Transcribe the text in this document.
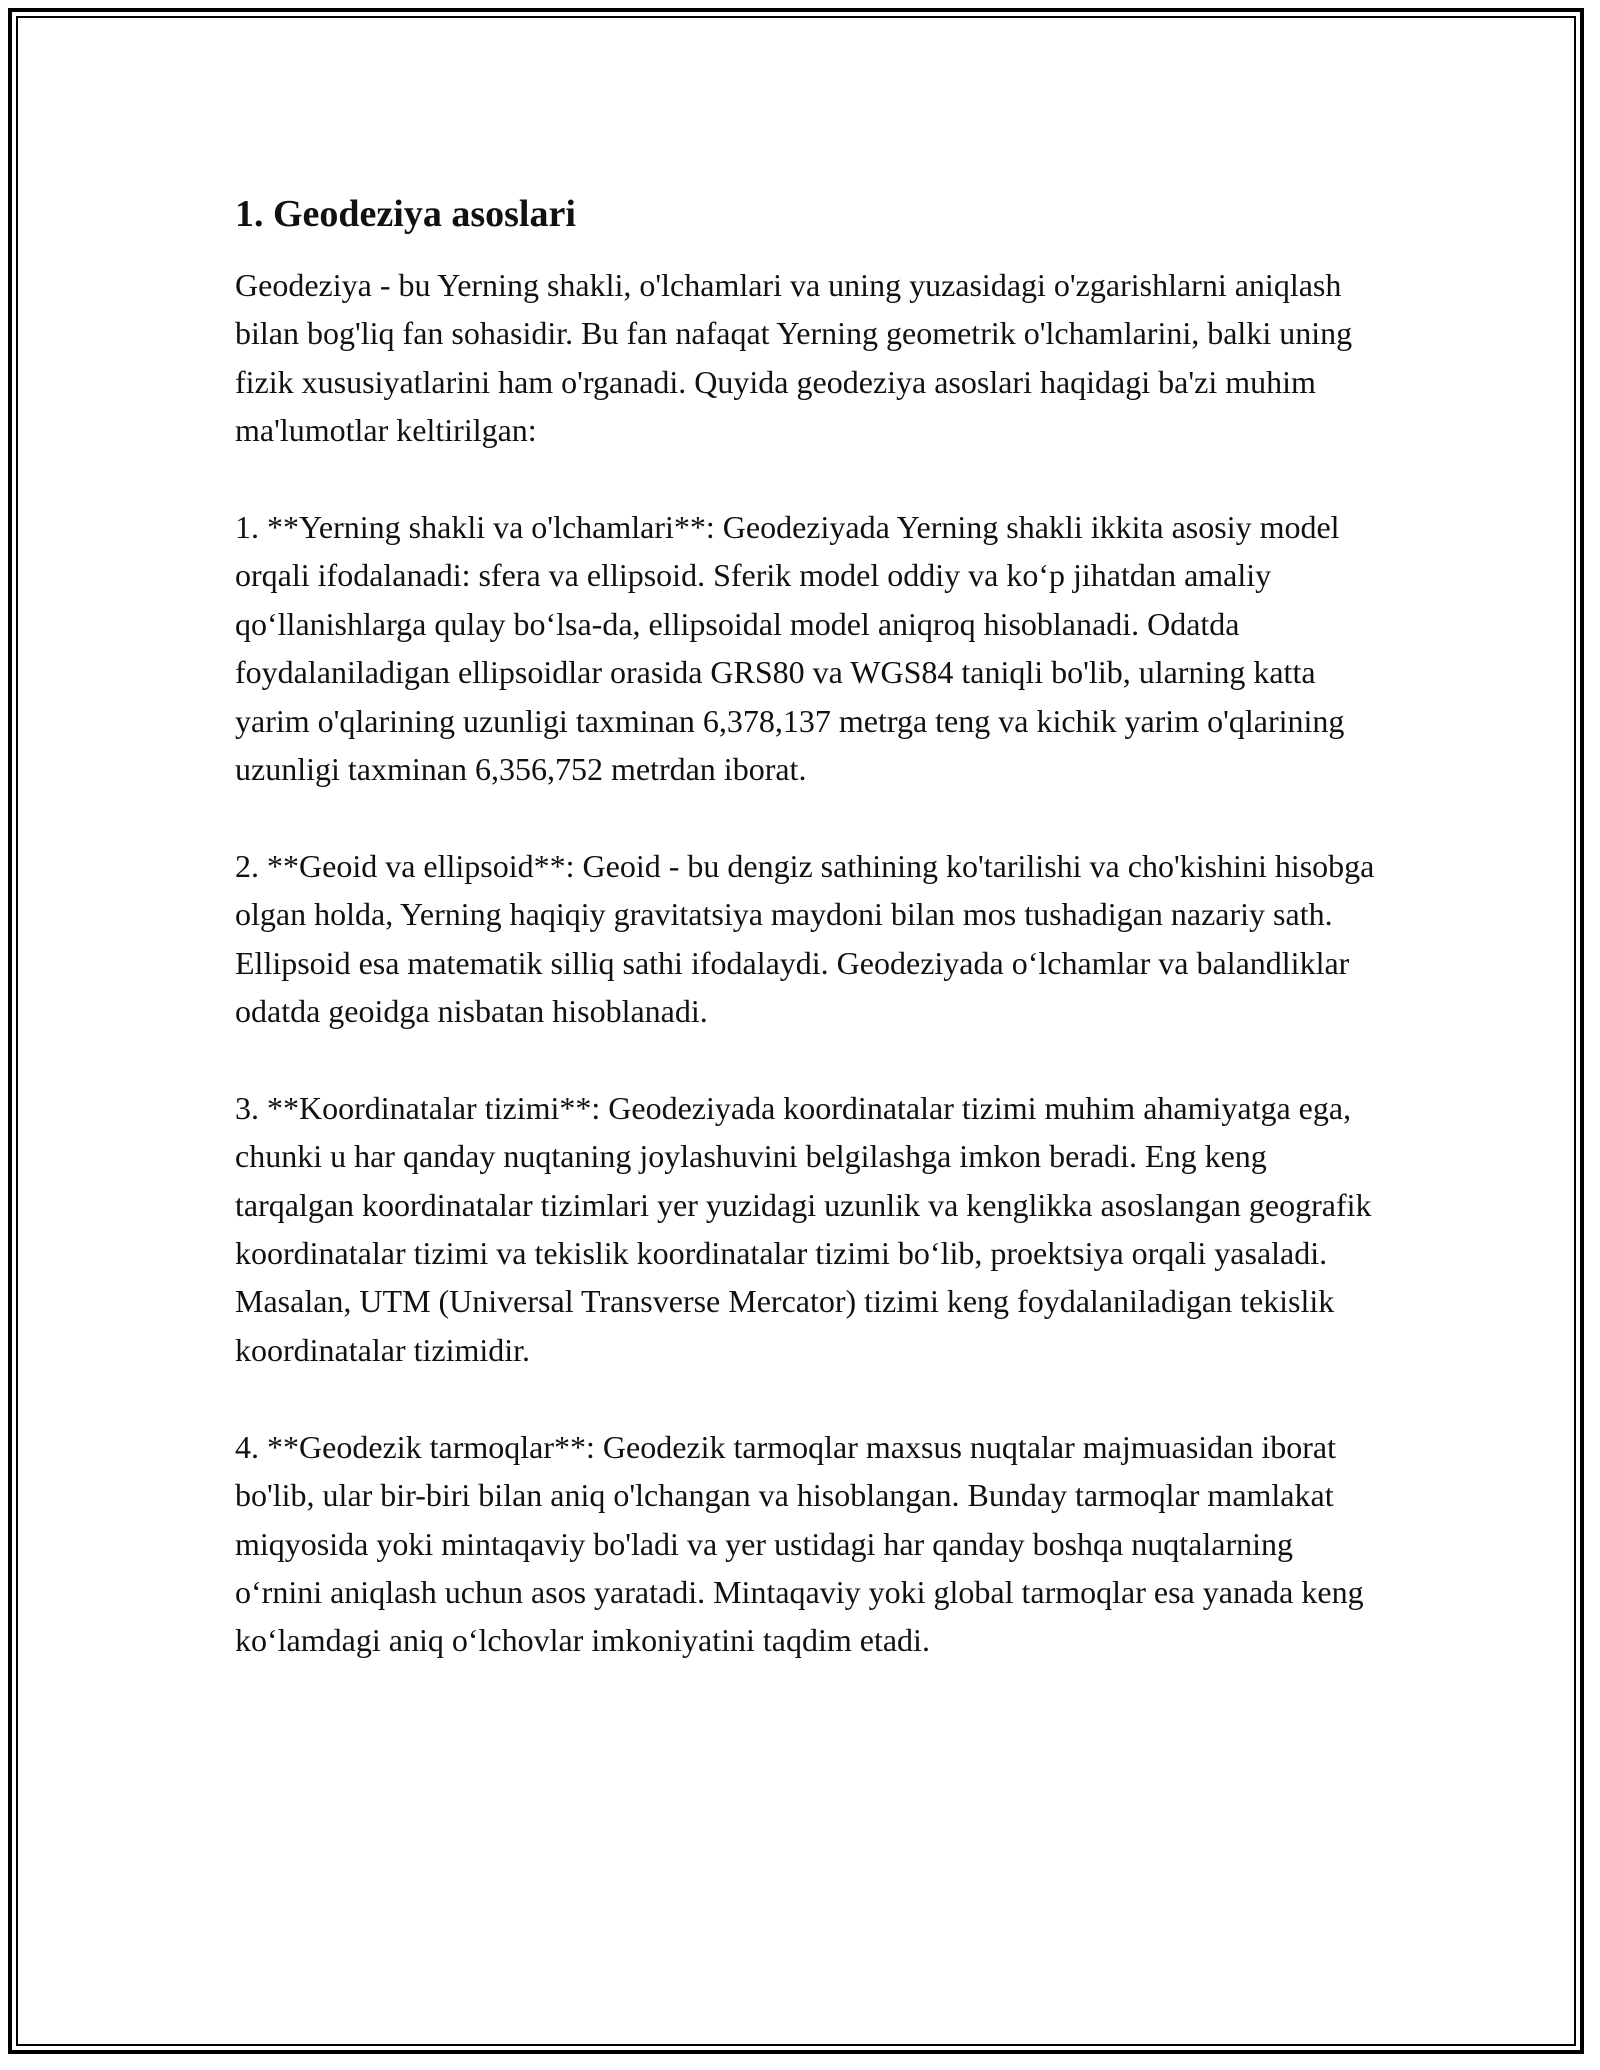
1. Geodeziya asoslari

Geodeziya - bu Yerning shakli, o'lchamlari va uning yuzasidagi o'zgarishlarni aniqlash bilan bog'liq fan sohasidir. Bu fan nafaqat Yerning geometrik o'lchamlarini, balki uning fizik xususiyatlarini ham o'rganadi. Quyida geodeziya asoslari haqidagi ba'zi muhim ma'lumotlar keltirilgan:

1. **Yerning shakli va o'lchamlari**: Geodeziyada Yerning shakli ikkita asosiy model orqali ifodalanadi: sfera va ellipsoid. Sferik model oddiy va koʻp jihatdan amaliy qoʻllanishlarga qulay boʻlsa-da, ellipsoidal model aniqroq hisoblanadi. Odatda foydalaniladigan ellipsoidlar orasida GRS80 va WGS84 taniqli bo'lib, ularning katta yarim o'qlarining uzunligi taxminan 6,378,137 metrga teng va kichik yarim o'qlarining uzunligi taxminan 6,356,752 metrdan iborat.

2. **Geoid va ellipsoid**: Geoid - bu dengiz sathining ko'tarilishi va cho'kishini hisobga olgan holda, Yerning haqiqiy gravitatsiya maydoni bilan mos tushadigan nazariy sath. Ellipsoid esa matematik silliq sathi ifodalaydi. Geodeziyada oʻlchamlar va balandliklar odatda geoidga nisbatan hisoblanadi.

3. **Koordinatalar tizimi**: Geodeziyada koordinatalar tizimi muhim ahamiyatga ega, chunki u har qanday nuqtaning joylashuvini belgilashga imkon beradi. Eng keng tarqalgan koordinatalar tizimlari yer yuzidagi uzunlik va kenglikka asoslangan geografik koordinatalar tizimi va tekislik koordinatalar tizimi boʻlib, proektsiya orqali yasaladi. Masalan, UTM (Universal Transverse Mercator) tizimi keng foydalaniladigan tekislik koordinatalar tizimidir.

4. **Geodezik tarmoqlar**: Geodezik tarmoqlar maxsus nuqtalar majmuasidan iborat bo'lib, ular bir-biri bilan aniq o'lchangan va hisoblangan. Bunday tarmoqlar mamlakat miqyosida yoki mintaqaviy bo'ladi va yer ustidagi har qanday boshqa nuqtalarning oʻrnini aniqlash uchun asos yaratadi. Mintaqaviy yoki global tarmoqlar esa yanada keng koʻlamdagi aniq oʻlchovlar imkoniyatini taqdim etadi.
